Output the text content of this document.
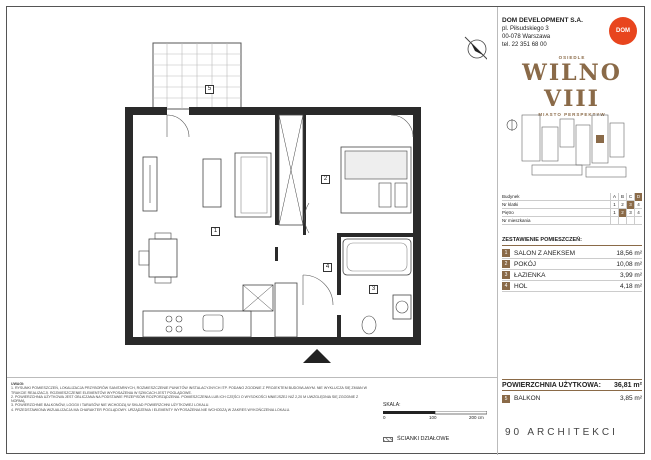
5
1
2
3
4
UWAGI:
1. RYSUNKI POMIESZCZEŃ, LOKALIZACJA PRZYBORÓW SANITARNYCH, ROZMIESZCZENIE PUNKTÓW INSTALACYJNYCH ITP. PODANO ZGODNIE Z PROJEKTEM BUDOWLANYM. NIE WYKLUCZA SIĘ ZMIAN W TRAKCIE REALIZACJI. ROZMIESZCZENIE ELEMENTÓW WYPOSAŻENIA W SZKICACH JEST POGLĄDOWE.
2. POWIERZCHNIA UŻYTKOWA JEST OBLICZANA NA PODSTAWIE PRZEPISÓW ROZPORZĄDZENIA. POMIESZCZENIA LUB ICH CZĘŚCI O WYSOKOŚCI MNIEJSZEJ NIŻ 2,20 M UWZGLĘDNIA SIĘ ZGODNIE Z NORMĄ.
3. POWIERZCHNIE BALKONÓW, LOGGII I TARASÓW NIE WCHODZĄ W SKŁAD POWIERZCHNI UŻYTKOWEJ LOKALU.
4. PRZEDSTAWIONA WIZUALIZACJA MA CHARAKTER POGLĄDOWY. URZĄDZENIA I ELEMENTY WYPOSAŻENIA NIE WCHODZĄ W ZAKRES WYKOŃCZENIA LOKALU.
SKALA:
0	100	200 cm
ŚCIANKI DZIAŁOWE
DOM DEVELOPMENT S.A.
pl. Piłsudskiego 3
00-078 Warszawa
tel. 22 351 68 00
DOM
OSIEDLE
WILNO VIII
MIASTO PERSPEKTYW
Budynek	A	B	C	D
Nr klatki	1	2	3	4
Piętro	1	2	3	4
Nr mieszkania
ZESTAWIENIE POMIESZCZEŃ:
1	SALON Z ANEKSEM	18,56 m²
2	POKÓJ	10,08 m²
3	ŁAZIENKA	3,99 m²
4	HOL	4,18 m²
POWIERZCHNIA UŻYTKOWA:	36,81 m²
5	BALKON	3,85 m²
90 ARCHITEKCI
